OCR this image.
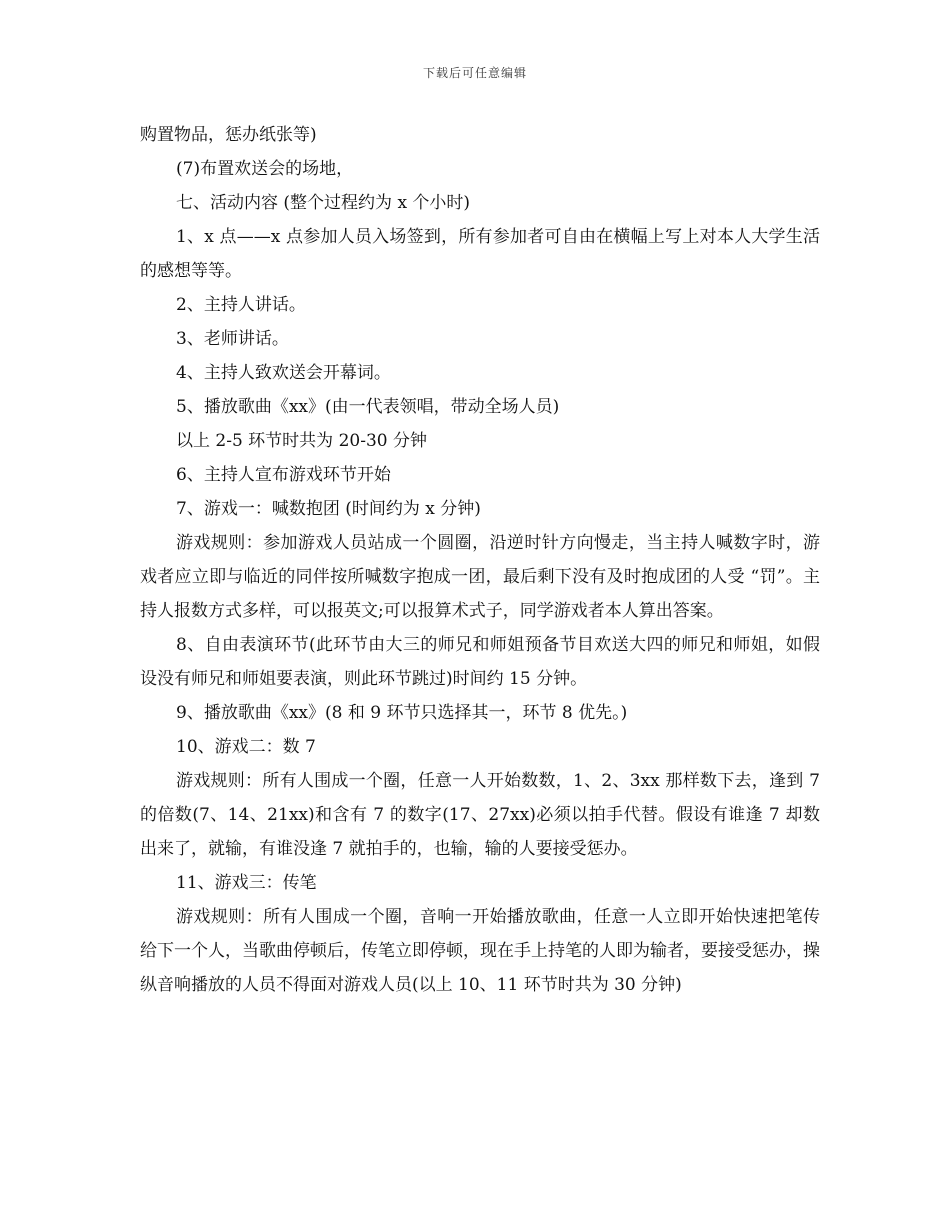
下载后可任意编辑

购置物品，惩办纸张等)

(7)布置欢送会的场地，

七、活动内容 (整个过程约为 x 个小时)

1、x 点——x 点参加人员入场签到，所有参加者可自由在横幅上写上对本人大学生活的感想等等。

2、主持人讲话。

3、老师讲话。

4、主持人致欢送会开幕词。

5、播放歌曲《xx》(由一代表领唱，带动全场人员)

以上 2-5 环节时共为 20-30 分钟

6、主持人宣布游戏环节开始

7、游戏一：喊数抱团 (时间约为 x 分钟)

游戏规则：参加游戏人员站成一个圆圈，沿逆时针方向慢走，当主持人喊数字时，游戏者应立即与临近的同伴按所喊数字抱成一团，最后剩下没有及时抱成团的人受 “罚”。主持人报数方式多样，可以报英文;可以报算术式子，同学游戏者本人算出答案。

8、自由表演环节(此环节由大三的师兄和师姐预备节目欢送大四的师兄和师姐，如假设没有师兄和师姐要表演，则此环节跳过)时间约 15 分钟。

9、播放歌曲《xx》(8 和 9 环节只选择其一，环节 8 优先。)

10、游戏二：数 7

游戏规则：所有人围成一个圈，任意一人开始数数，1、2、3xx 那样数下去，逢到 7 的倍数(7、14、21xx)和含有 7 的数字(17、27xx)必须以拍手代替。假设有谁逢 7 却数出来了，就输，有谁没逢 7 就拍手的，也输，输的人要接受惩办。

11、游戏三：传笔

游戏规则：所有人围成一个圈，音响一开始播放歌曲，任意一人立即开始快速把笔传给下一个人，当歌曲停顿后，传笔立即停顿，现在手上持笔的人即为输者，要接受惩办，操纵音响播放的人员不得面对游戏人员(以上 10、11 环节时共为 30 分钟)
